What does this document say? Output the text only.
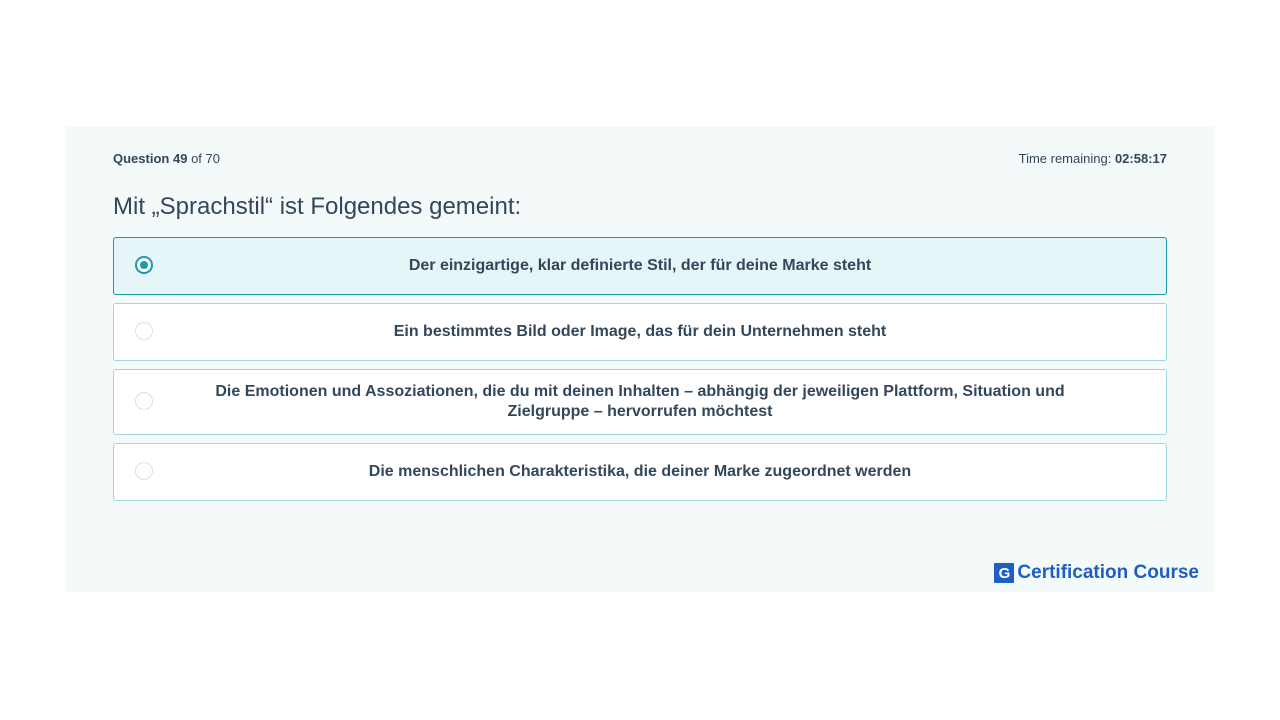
Question 49 of 70	Time remaining: 02:58:17
Mit „Sprachstil“ ist Folgendes gemeint:
Der einzigartige, klar definierte Stil, der für deine Marke steht
Ein bestimmtes Bild oder Image, das für dein Unternehmen steht
Die Emotionen und Assoziationen, die du mit deinen Inhalten – abhängig der jeweiligen Plattform, Situation und Zielgruppe – hervorrufen möchtest
Die menschlichen Charakteristika, die deiner Marke zugeordnet werden
G Certification Course
